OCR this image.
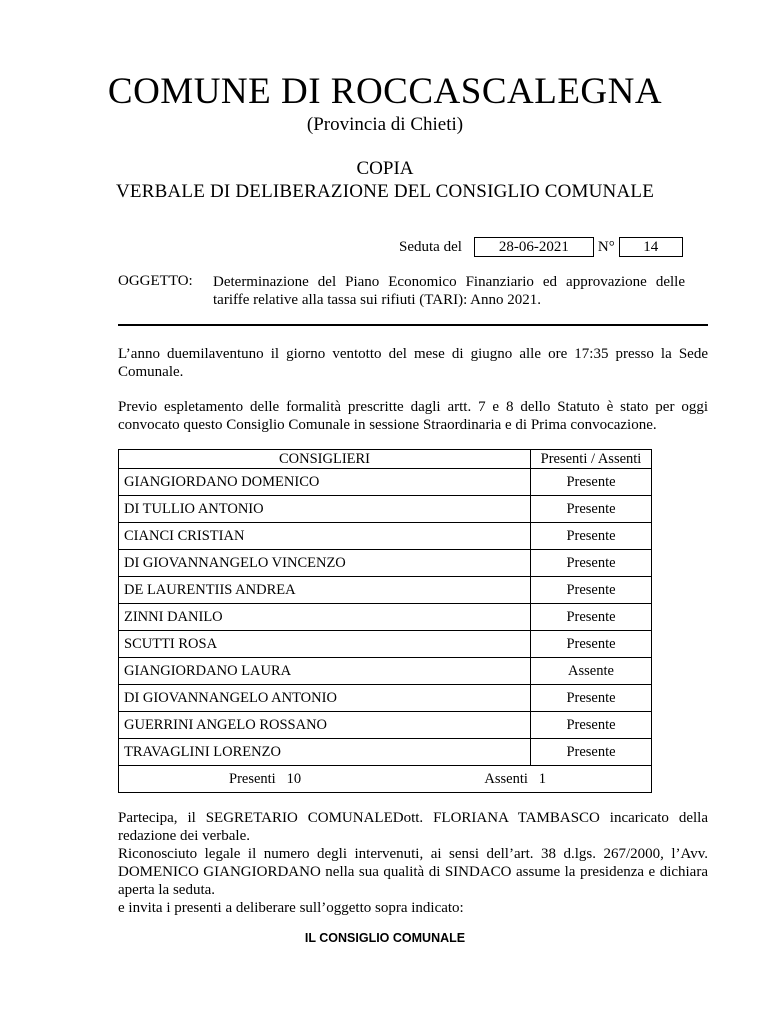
COMUNE DI ROCCASCALEGNA
(Provincia di Chieti)
COPIA
VERBALE DI DELIBERAZIONE DEL CONSIGLIO COMUNALE
Seduta del	28-06-2021	N°	14
OGGETTO: Determinazione del Piano Economico Finanziario ed approvazione delle tariffe relative alla tassa sui rifiuti (TARI): Anno 2021.
L’anno duemilaventuno il giorno ventotto del mese di giugno alle ore 17:35 presso la Sede Comunale.
Previo espletamento delle formalità prescritte dagli artt. 7 e 8 dello Statuto è stato per oggi convocato questo Consiglio Comunale in sessione Straordinaria e di Prima convocazione.
CONSIGLIERI	Presenti / Assenti
GIANGIORDANO DOMENICO	Presente
DI TULLIO ANTONIO	Presente
CIANCI CRISTIAN	Presente
DI GIOVANNANGELO VINCENZO	Presente
DE LAURENTIIS ANDREA	Presente
ZINNI DANILO	Presente
SCUTTI ROSA	Presente
GIANGIORDANO LAURA	Assente
DI GIOVANNANGELO ANTONIO	Presente
GUERRINI ANGELO ROSSANO	Presente
TRAVAGLINI LORENZO	Presente

Presenti 10 Assenti 1	
Partecipa, il SEGRETARIO COMUNALEDott. FLORIANA TAMBASCO incaricato della redazione dei verbale.
Riconosciuto legale il numero degli intervenuti, ai sensi dell’art. 38 d.lgs. 267/2000, l’Avv. DOMENICO GIANGIORDANO nella sua qualità di SINDACO assume la presidenza e dichiara aperta la seduta.
e invita i presenti a deliberare sull’oggetto sopra indicato:
IL CONSIGLIO COMUNALE
